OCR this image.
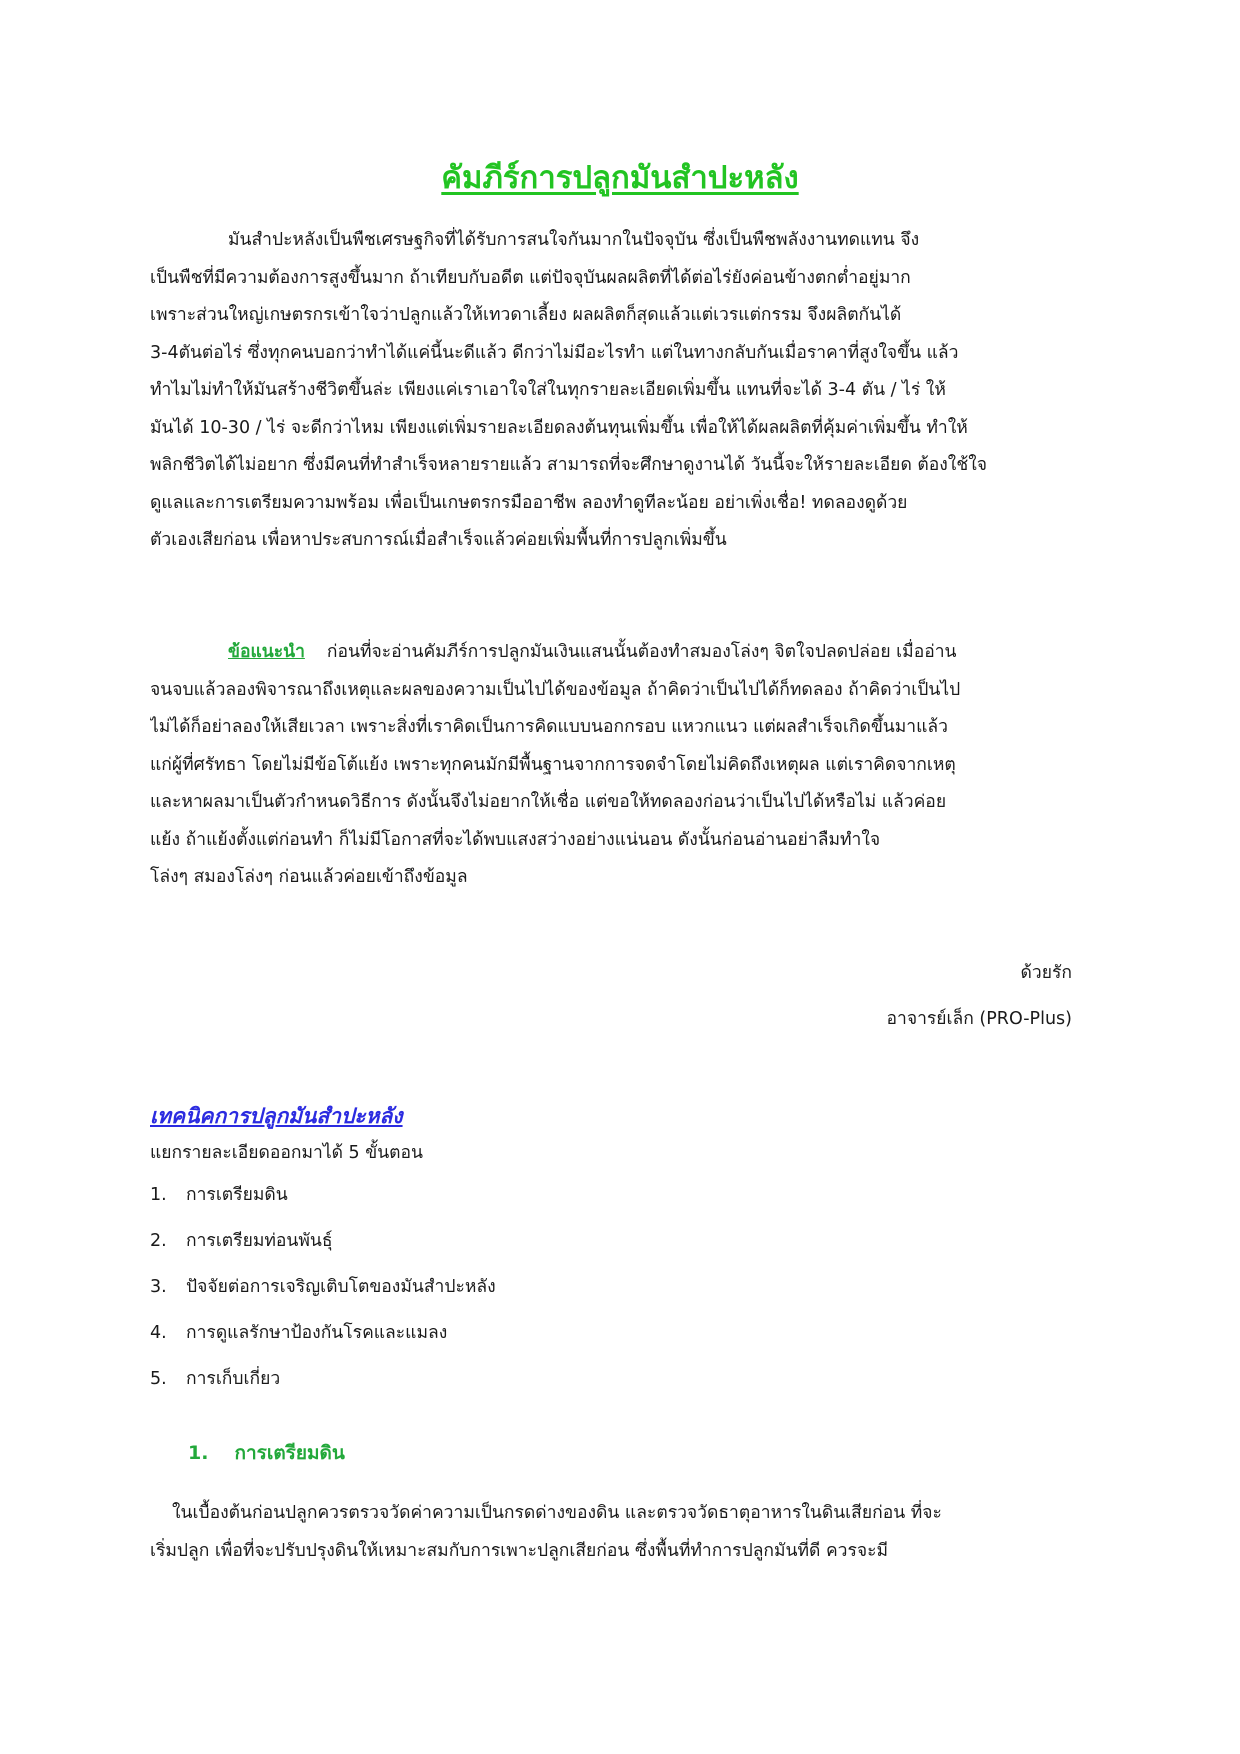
คัมภีร์การปลูกมันสำปะหลัง
มันสำปะหลังเป็นพืชเศรษฐกิจที่ได้รับการสนใจกันมากในปัจจุบัน ซึ่งเป็นพืชพลังงานทดแทน จึง
เป็นพืชที่มีความต้องการสูงขึ้นมาก ถ้าเทียบกับอดีต แต่ปัจจุบันผลผลิตที่ได้ต่อไร่ยังค่อนข้างตกต่ำอยู่มาก
เพราะส่วนใหญ่เกษตรกรเข้าใจว่าปลูกแล้วให้เทวดาเลี้ยง ผลผลิตก็สุดแล้วแต่เวรแต่กรรม จึงผลิตกันได้
3-4ตันต่อไร่ ซึ่งทุกคนบอกว่าทำได้แค่นี้นะดีแล้ว ดีกว่าไม่มีอะไรทำ แต่ในทางกลับกันเมื่อราคาที่สูงใจขึ้น แล้ว
ทำไมไม่ทำให้มันสร้างชีวิตขึ้นล่ะ เพียงแค่เราเอาใจใส่ในทุกรายละเอียดเพิ่มขึ้น แทนที่จะได้ 3-4 ตัน / ไร่ ให้
มันได้ 10-30 / ไร่ จะดีกว่าไหม เพียงแต่เพิ่มรายละเอียดลงต้นทุนเพิ่มขึ้น เพื่อให้ได้ผลผลิตที่คุ้มค่าเพิ่มขึ้น ทำให้
พลิกชีวิตได้ไม่อยาก ซึ่งมีคนที่ทำสำเร็จหลายรายแล้ว สามารถที่จะศึกษาดูงานได้ วันนี้จะให้รายละเอียด ต้องใช้ใจ
ดูแลและการเตรียมความพร้อม เพื่อเป็นเกษตรกรมืออาชีพ ลองทำดูทีละน้อย อย่าเพิ่งเชื่อ! ทดลองดูด้วย
ตัวเองเสียก่อน เพื่อหาประสบการณ์เมื่อสำเร็จแล้วค่อยเพิ่มพื้นที่การปลูกเพิ่มขึ้น
ข้อแนะนำ ก่อนที่จะอ่านคัมภีร์การปลูกมันเงินแสนนั้นต้องทำสมองโล่งๆ จิตใจปลดปล่อย เมื่ออ่าน
จนจบแล้วลองพิจารณาถึงเหตุและผลของความเป็นไปได้ของข้อมูล ถ้าคิดว่าเป็นไปได้ก็ทดลอง ถ้าคิดว่าเป็นไป
ไม่ได้ก็อย่าลองให้เสียเวลา เพราะสิ่งที่เราคิดเป็นการคิดแบบนอกกรอบ แหวกแนว แต่ผลสำเร็จเกิดขึ้นมาแล้ว
แก่ผู้ที่ศรัทธา โดยไม่มีข้อโต้แย้ง เพราะทุกคนมักมีพื้นฐานจากการจดจำโดยไม่คิดถึงเหตุผล แต่เราคิดจากเหตุ
และหาผลมาเป็นตัวกำหนดวิธีการ ดังนั้นจึงไม่อยากให้เชื่อ แต่ขอให้ทดลองก่อนว่าเป็นไปได้หรือไม่ แล้วค่อย
แย้ง ถ้าแย้งตั้งแต่ก่อนทำ ก็ไม่มีโอกาสที่จะได้พบแสงสว่างอย่างแน่นอน ดังนั้นก่อนอ่านอย่าลืมทำใจ
โล่งๆ สมองโล่งๆ ก่อนแล้วค่อยเข้าถึงข้อมูล
ด้วยรัก
อาจารย์เล็ก (PRO-Plus)
เทคนิคการปลูกมันสำปะหลัง
แยกรายละเอียดออกมาได้ 5 ขั้นตอน
1.	การเตรียมดิน
2.	การเตรียมท่อนพันธุ์
3.	ปัจจัยต่อการเจริญเติบโตของมันสำปะหลัง
4.	การดูแลรักษาป้องกันโรคและแมลง
5.	การเก็บเกี่ยว
1. การเตรียมดิน
ในเบื้องต้นก่อนปลูกควรตรวจวัดค่าความเป็นกรดด่างของดิน และตรวจวัดธาตุอาหารในดินเสียก่อน ที่จะ
เริ่มปลูก เพื่อที่จะปรับปรุงดินให้เหมาะสมกับการเพาะปลูกเสียก่อน ซึ่งพื้นที่ทำการปลูกมันที่ดี ควรจะมี
